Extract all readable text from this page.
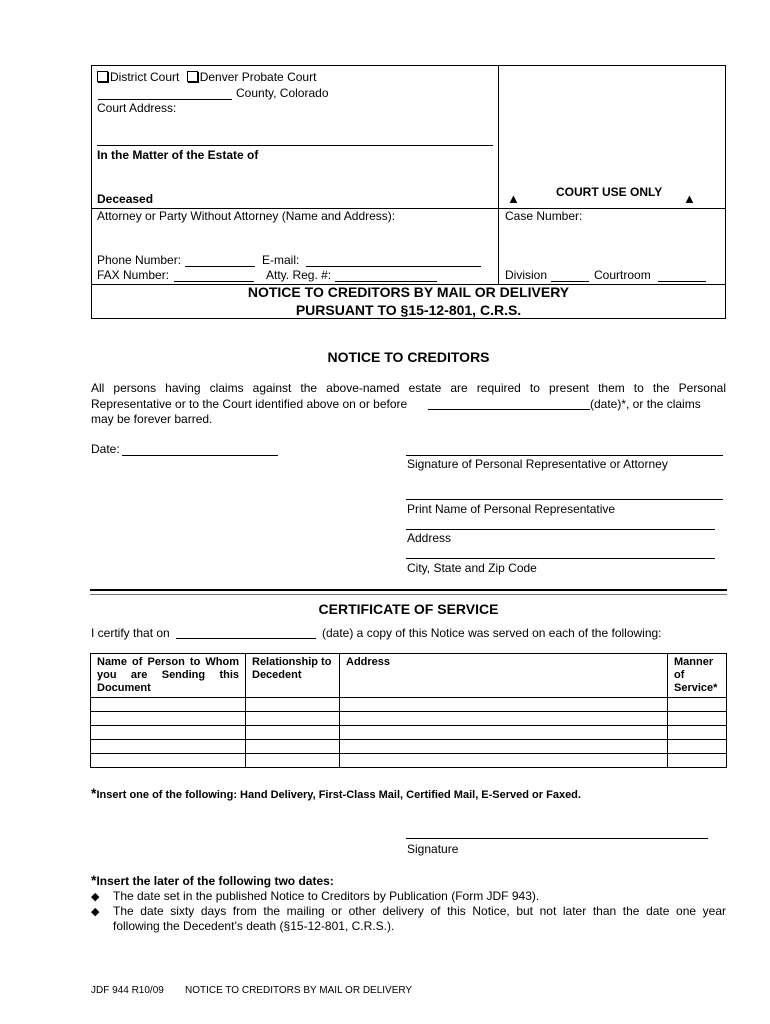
District Court Denver Probate Court
County, Colorado
Court Address:
In the Matter of the Estate of
Deceased
Attorney or Party Without Attorney (Name and Address):
Phone Number:	E-mail:
FAX Number:	Atty. Reg. #:
▲	COURT USE ONLY ▲
Case Number:
Division	Courtroom
NOTICE TO CREDITORS BY MAIL OR DELIVERY
PURSUANT TO §15-12-801, C.R.S.
NOTICE TO CREDITORS
All persons having claims against the above-named estate are required to present them to the Personal
Representative or to the Court identified above on or before	(date)*, or the claims
may be forever barred.
Date:
Signature of Personal Representative or Attorney
Print Name of Personal Representative
Address
City, State and Zip Code
CERTIFICATE OF SERVICE
I certify that on	(date) a copy of this Notice was served on each of the following:
Name of Person to Whom you are Sending this Document	Relationship to Decedent	Address	Manner of Service*

*Insert one of the following: Hand Delivery, First-Class Mail, Certified Mail, E-Served or Faxed.
Signature
*Insert the later of the following two dates:
◆ The date set in the published Notice to Creditors by Publication (Form JDF 943).
◆ The date sixty days from the mailing or other delivery of this Notice, but not later than the date one year
following the Decedent’s death (§15-12-801, C.R.S.).
JDF 944 R10/09 NOTICE TO CREDITORS BY MAIL OR DELIVERY
